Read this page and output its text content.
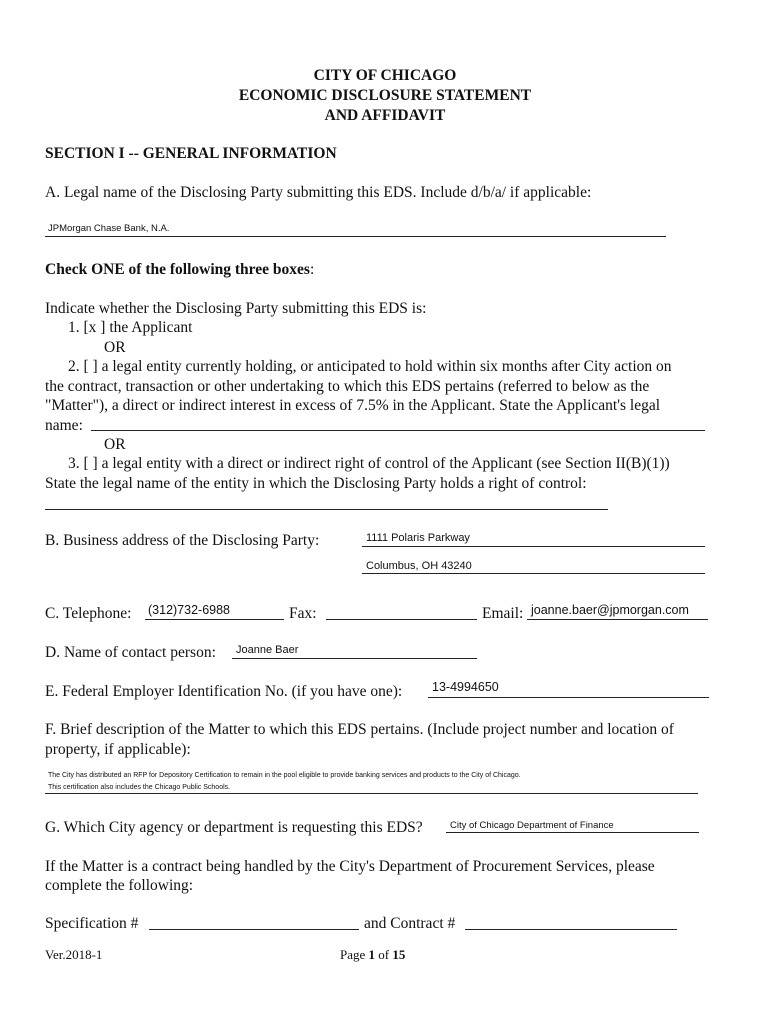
CITY OF CHICAGO
ECONOMIC DISCLOSURE STATEMENT
AND AFFIDAVIT
SECTION I -- GENERAL INFORMATION
A. Legal name of the Disclosing Party submitting this EDS. Include d/b/a/ if applicable:
JPMorgan Chase Bank, N.A.
Check ONE of the following three boxes:
Indicate whether the Disclosing Party submitting this EDS is:
1. [x ] the Applicant
OR
2. [ ] a legal entity currently holding, or anticipated to hold within six months after City action on
the contract, transaction or other undertaking to which this EDS pertains (referred to below as the
"Matter"), a direct or indirect interest in excess of 7.5% in the Applicant. State the Applicant's legal
name:
OR
3. [ ] a legal entity with a direct or indirect right of control of the Applicant (see Section II(B)(1))
State the legal name of the entity in which the Disclosing Party holds a right of control:
B. Business address of the Disclosing Party:	1111 Polaris Parkway
Columbus, OH 43240
C. Telephone: (312)732-6988	Fax:	Email: joanne.baer@jpmorgan.com
D. Name of contact person: Joanne Baer
E. Federal Employer Identification No. (if you have one): 13-4994650
F. Brief description of the Matter to which this EDS pertains. (Include project number and location of
property, if applicable):
The City has distributed an RFP for Depository Certification to remain in the pool eligible to provide banking services and products to the City of Chicago.
This certification also includes the Chicago Public Schools.
G. Which City agency or department is requesting this EDS?	City of Chicago Department of Finance
If the Matter is a contract being handled by the City's Department of Procurement Services, please
complete the following:
Specification #	and Contract #
Ver.2018-1	Page 1 of 15
